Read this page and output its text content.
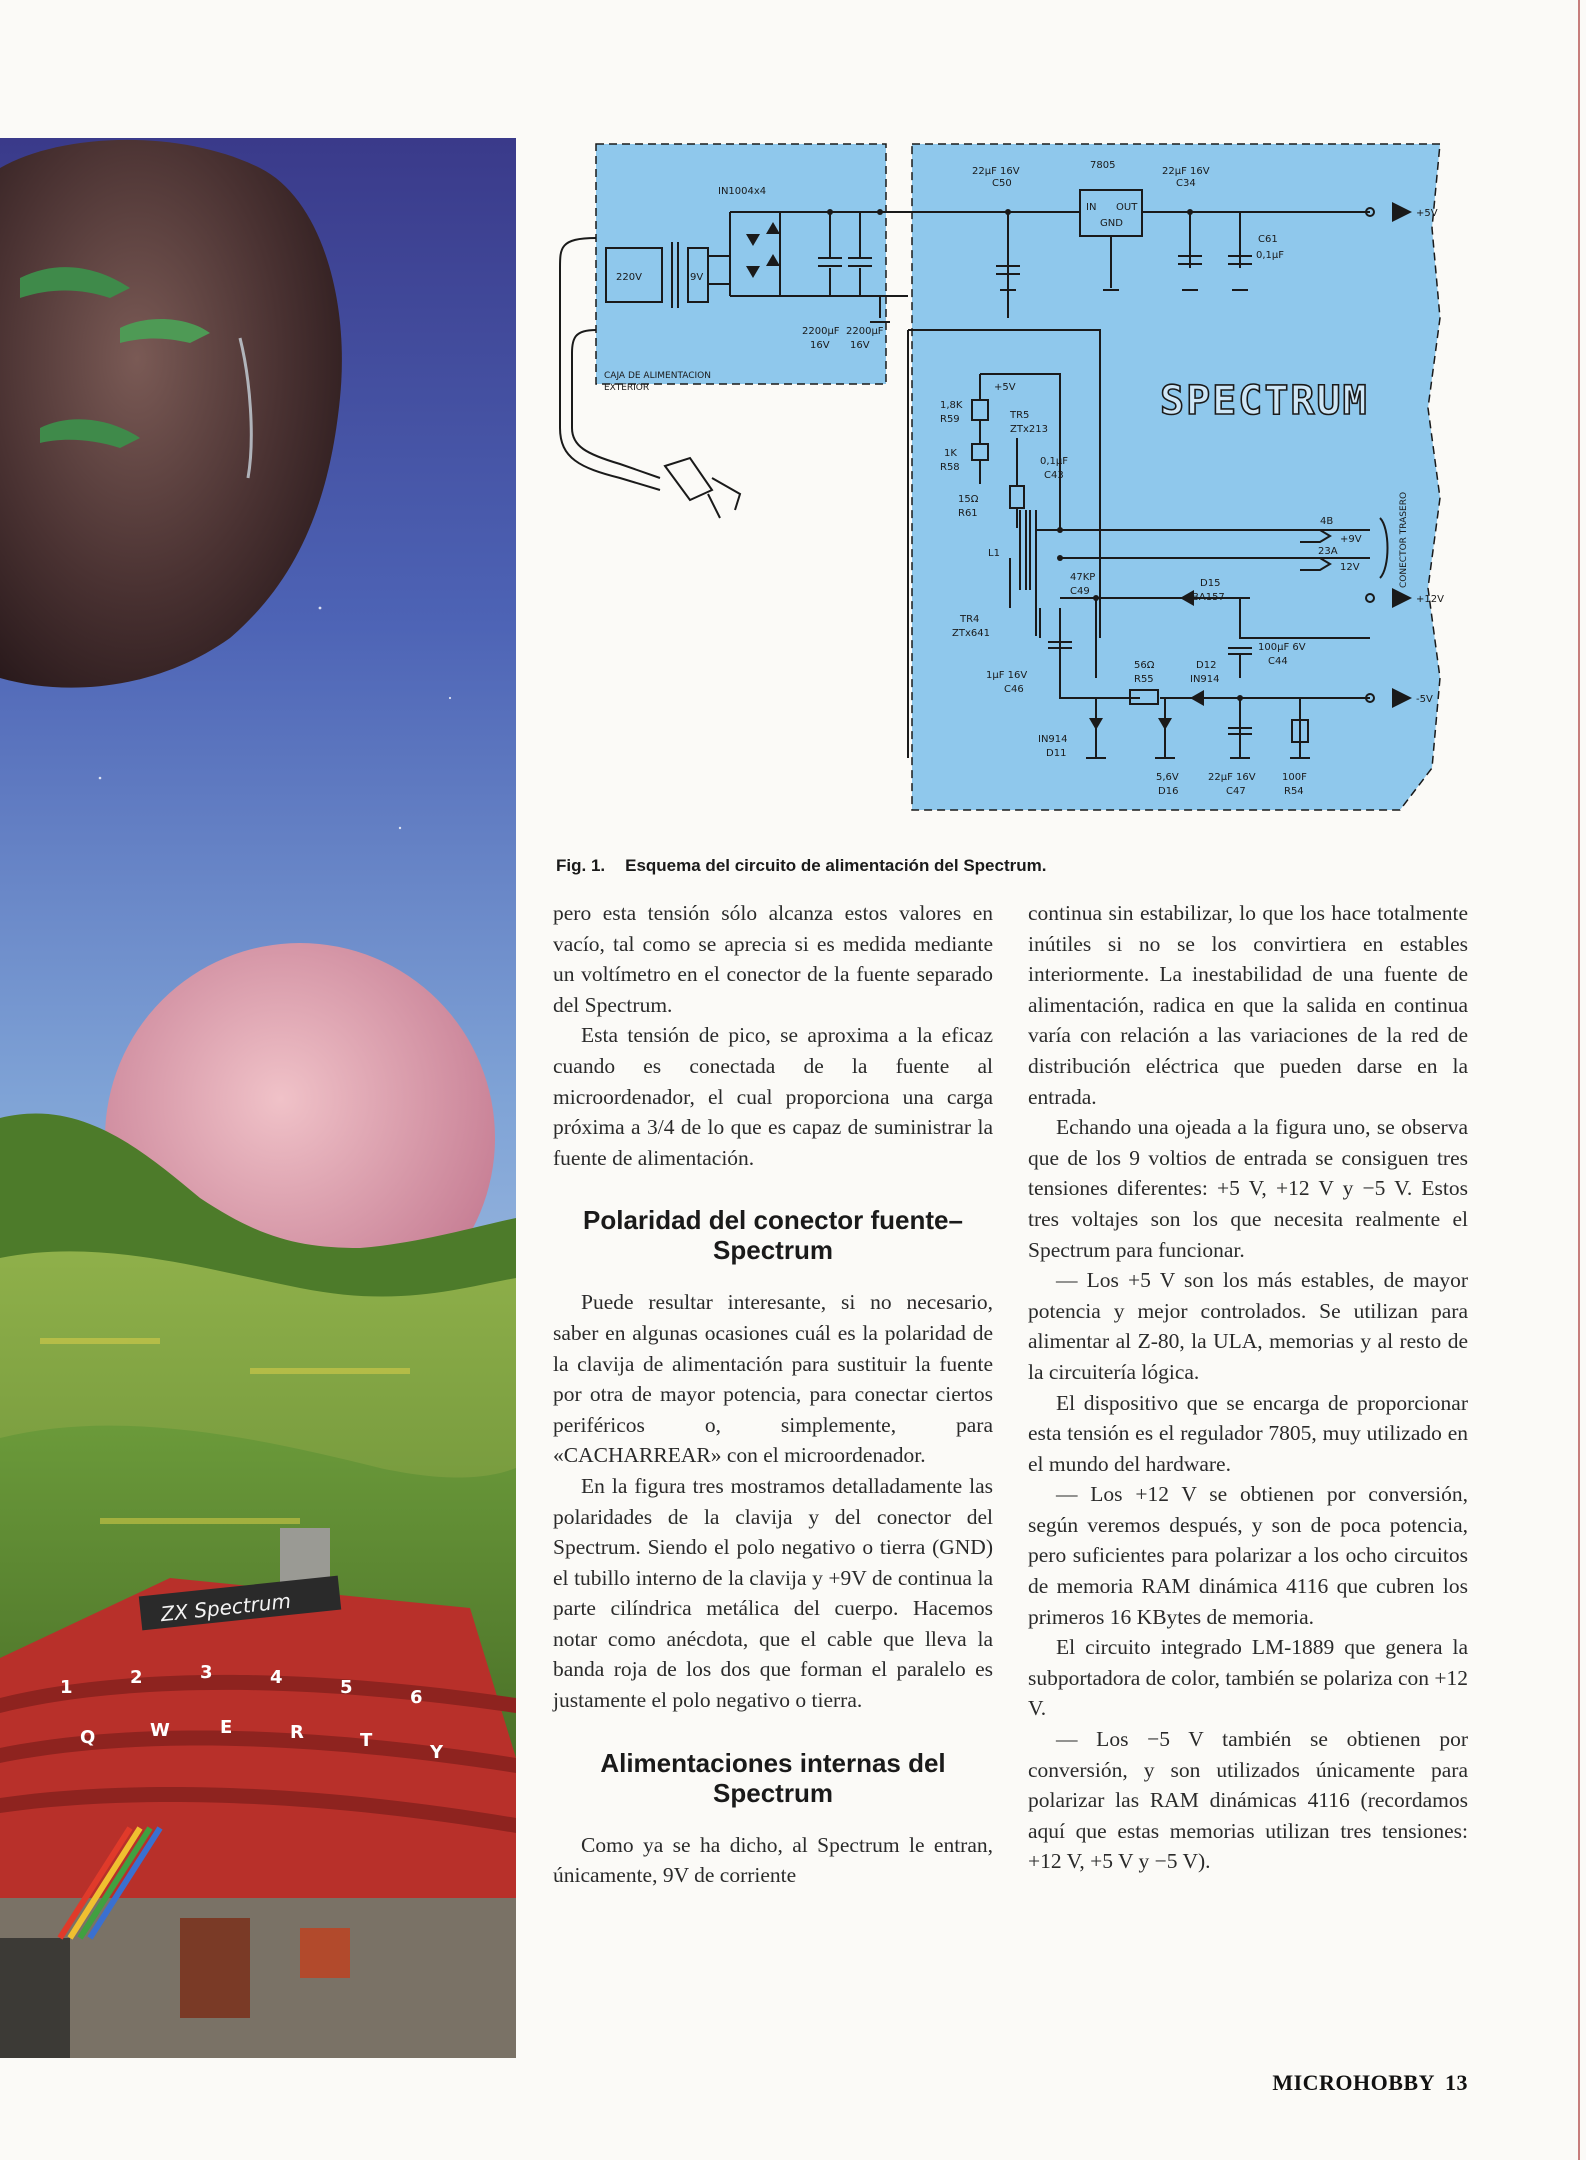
1	2	3	4	5	6
Q	W	E	R	T
Y
ZX Spectrum
IN1004x4
220V	9V
2200µF
16V
2200µF
16V
CAJA DE ALIMENTACION
EXTERIOR
22µF 16V
C50
7805
IN OUT
GND
22µF 16V
C34
C61
0,1µF
+5V
+5V
1,8K
R59	TR5
ZTx213
1K
R58
0,1µF
C43
15Ω
R61
L1
47KP
C49
TR4
ZTx641
4B
+9V
23A
12V	CONECTOR TRASERO
D15
BA157	+12V
100µF 6V
C44
1µF 16V
C46
56Ω
R55
D12
IN914
-5V
IN914
D11
5,6V
D16
22µF 16V
C47
100F
R54
SPECTRUM
Fig. 1. Esquema del circuito de alimentación del Spectrum.

pero esta tensión sólo alcanza estos valores en vacío, tal como se aprecia si es medida mediante un voltímetro en el conector de la fuente separado del Spectrum.

Esta tensión de pico, se aproxima a la eficaz cuando es conectada de la fuente al microordenador, el cual proporciona una carga próxima a 3/4 de lo que es capaz de suministrar la fuente de alimentación.

Polaridad del conector fuente–Spectrum

Puede resultar interesante, si no necesario, saber en algunas ocasiones cuál es la polaridad de la clavija de alimentación para sustituir la fuente por otra de mayor potencia, para conectar ciertos periféricos o, simplemente, para «CACHARREAR» con el microordenador.

En la figura tres mostramos detalladamente las polaridades de la clavija y del conector del Spectrum. Siendo el polo negativo o tierra (GND) el tubillo interno de la clavija y +9V de continua la parte cilíndrica metálica del cuerpo. Hacemos notar como anécdota, que el cable que lleva la banda roja de los dos que forman el paralelo es justamente el polo negativo o tierra.

Alimentaciones internas del Spectrum

Como ya se ha dicho, al Spectrum le entran, únicamente, 9V de corriente

continua sin estabilizar, lo que los hace totalmente inútiles si no se los convirtiera en estables interiormente. La inestabilidad de una fuente de alimentación, radica en que la salida en continua varía con relación a las variaciones de la red de distribución eléctrica que pueden darse en la entrada.

Echando una ojeada a la figura uno, se observa que de los 9 voltios de entrada se consiguen tres tensiones diferentes: +5 V, +12 V y −5 V. Estos tres voltajes son los que necesita realmente el Spectrum para funcionar.

— Los +5 V son los más estables, de mayor potencia y mejor controlados. Se utilizan para alimentar al Z-80, la ULA, memorias y al resto de la circuitería lógica.

El dispositivo que se encarga de proporcionar esta tensión es el regulador 7805, muy utilizado en el mundo del hardware.

— Los +12 V se obtienen por conversión, según veremos después, y son de poca potencia, pero suficientes para polarizar a los ocho circuitos de memoria RAM dinámica 4116 que cubren los primeros 16 KBytes de memoria.

El circuito integrado LM-1889 que genera la subportadora de color, también se polariza con +12 V.

— Los −5 V también se obtienen por conversión, y son utilizados únicamente para polarizar las RAM dinámicas 4116 (recordamos aquí que estas memorias utilizan tres tensiones: +12 V, +5 V y −5 V).

MICROHOBBY 13
